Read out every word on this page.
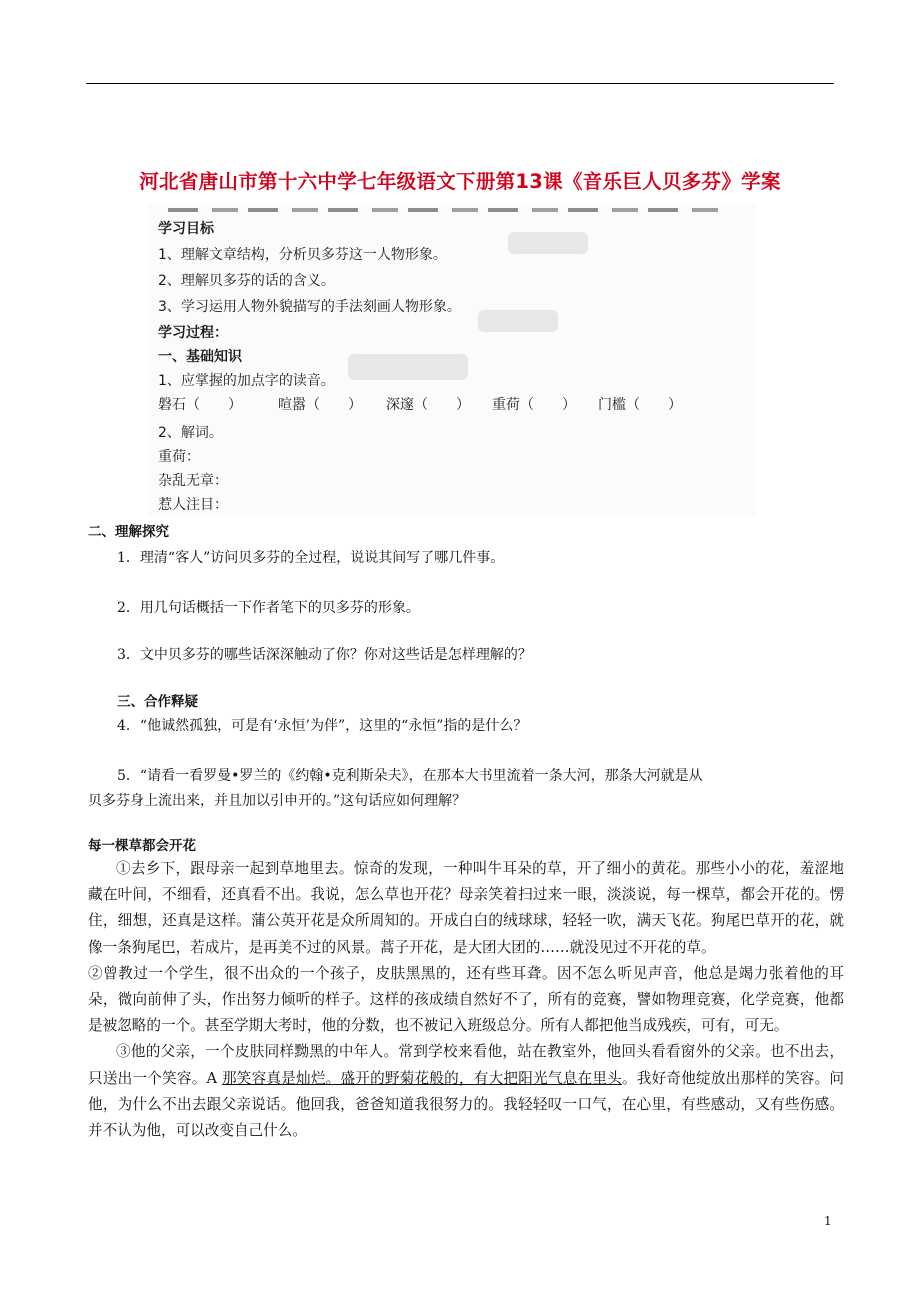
河北省唐山市第十六中学七年级语文下册第13课《音乐巨人贝多芬》学案
学习目标
1、理解文章结构，分析贝多芬这一人物形象。
2、理解贝多芬的话的含义。
3、学习运用人物外貌描写的手法刻画人物形象。
学习过程：
一、基础知识
1、应掌握的加点字的读音。
磐石（　　）	喧嚣（　　） 深邃（　　） 重荷（　　） 门槛（　　）
2、解词。
重荷：
杂乱无章：
惹人注目：
二、理解探究
1．理清“客人”访问贝多芬的全过程，说说其间写了哪几件事。
2．用几句话概括一下作者笔下的贝多芬的形象。
3．文中贝多芬的哪些话深深触动了你？你对这些话是怎样理解的？
三、合作释疑
4．“他诚然孤独，可是有‘永恒’为伴”，这里的“永恒”指的是什么？
5．“请看一看罗曼•罗兰的《约翰•克利斯朵夫》，在那本大书里流着一条大河，那条大河就是从
贝多芬身上流出来，并且加以引申开的。”这句话应如何理解？
每一棵草都会开花

①去乡下，跟母亲一起到草地里去。惊奇的发现，一种叫牛耳朵的草，开了细小的黄花。那些小小的花，羞涩地藏在叶间，不细看，还真看不出。我说，怎么草也开花？母亲笑着扫过来一眼，淡淡说，每一棵草，都会开花的。愣住，细想，还真是这样。蒲公英开花是众所周知的。开成白白的绒球球，轻轻一吹，满天飞花。狗尾巴草开的花，就像一条狗尾巴，若成片，是再美不过的风景。蒿子开花，是大团大团的……就没见过不开花的草。

②曾教过一个学生，很不出众的一个孩子，皮肤黑黑的，还有些耳聋。因不怎么听见声音，他总是竭力张着他的耳朵，微向前伸了头，作出努力倾听的样子。这样的孩成绩自然好不了，所有的竞赛，譬如物理竞赛，化学竞赛，他都是被忽略的一个。甚至学期大考时，他的分数，也不被记入班级总分。所有人都把他当成残疾，可有，可无。

③他的父亲，一个皮肤同样黝黑的中年人。常到学校来看他，站在教室外，他回头看看窗外的父亲。也不出去，只送出一个笑容。A 那笑容真是灿烂。盛开的野菊花般的，有大把阳光气息在里头。我好奇他绽放出那样的笑容。问他，为什么不出去跟父亲说话。他回我，爸爸知道我很努力的。我轻轻叹一口气，在心里，有些感动，又有些伤感。并不认为他，可以改变自己什么。

1
